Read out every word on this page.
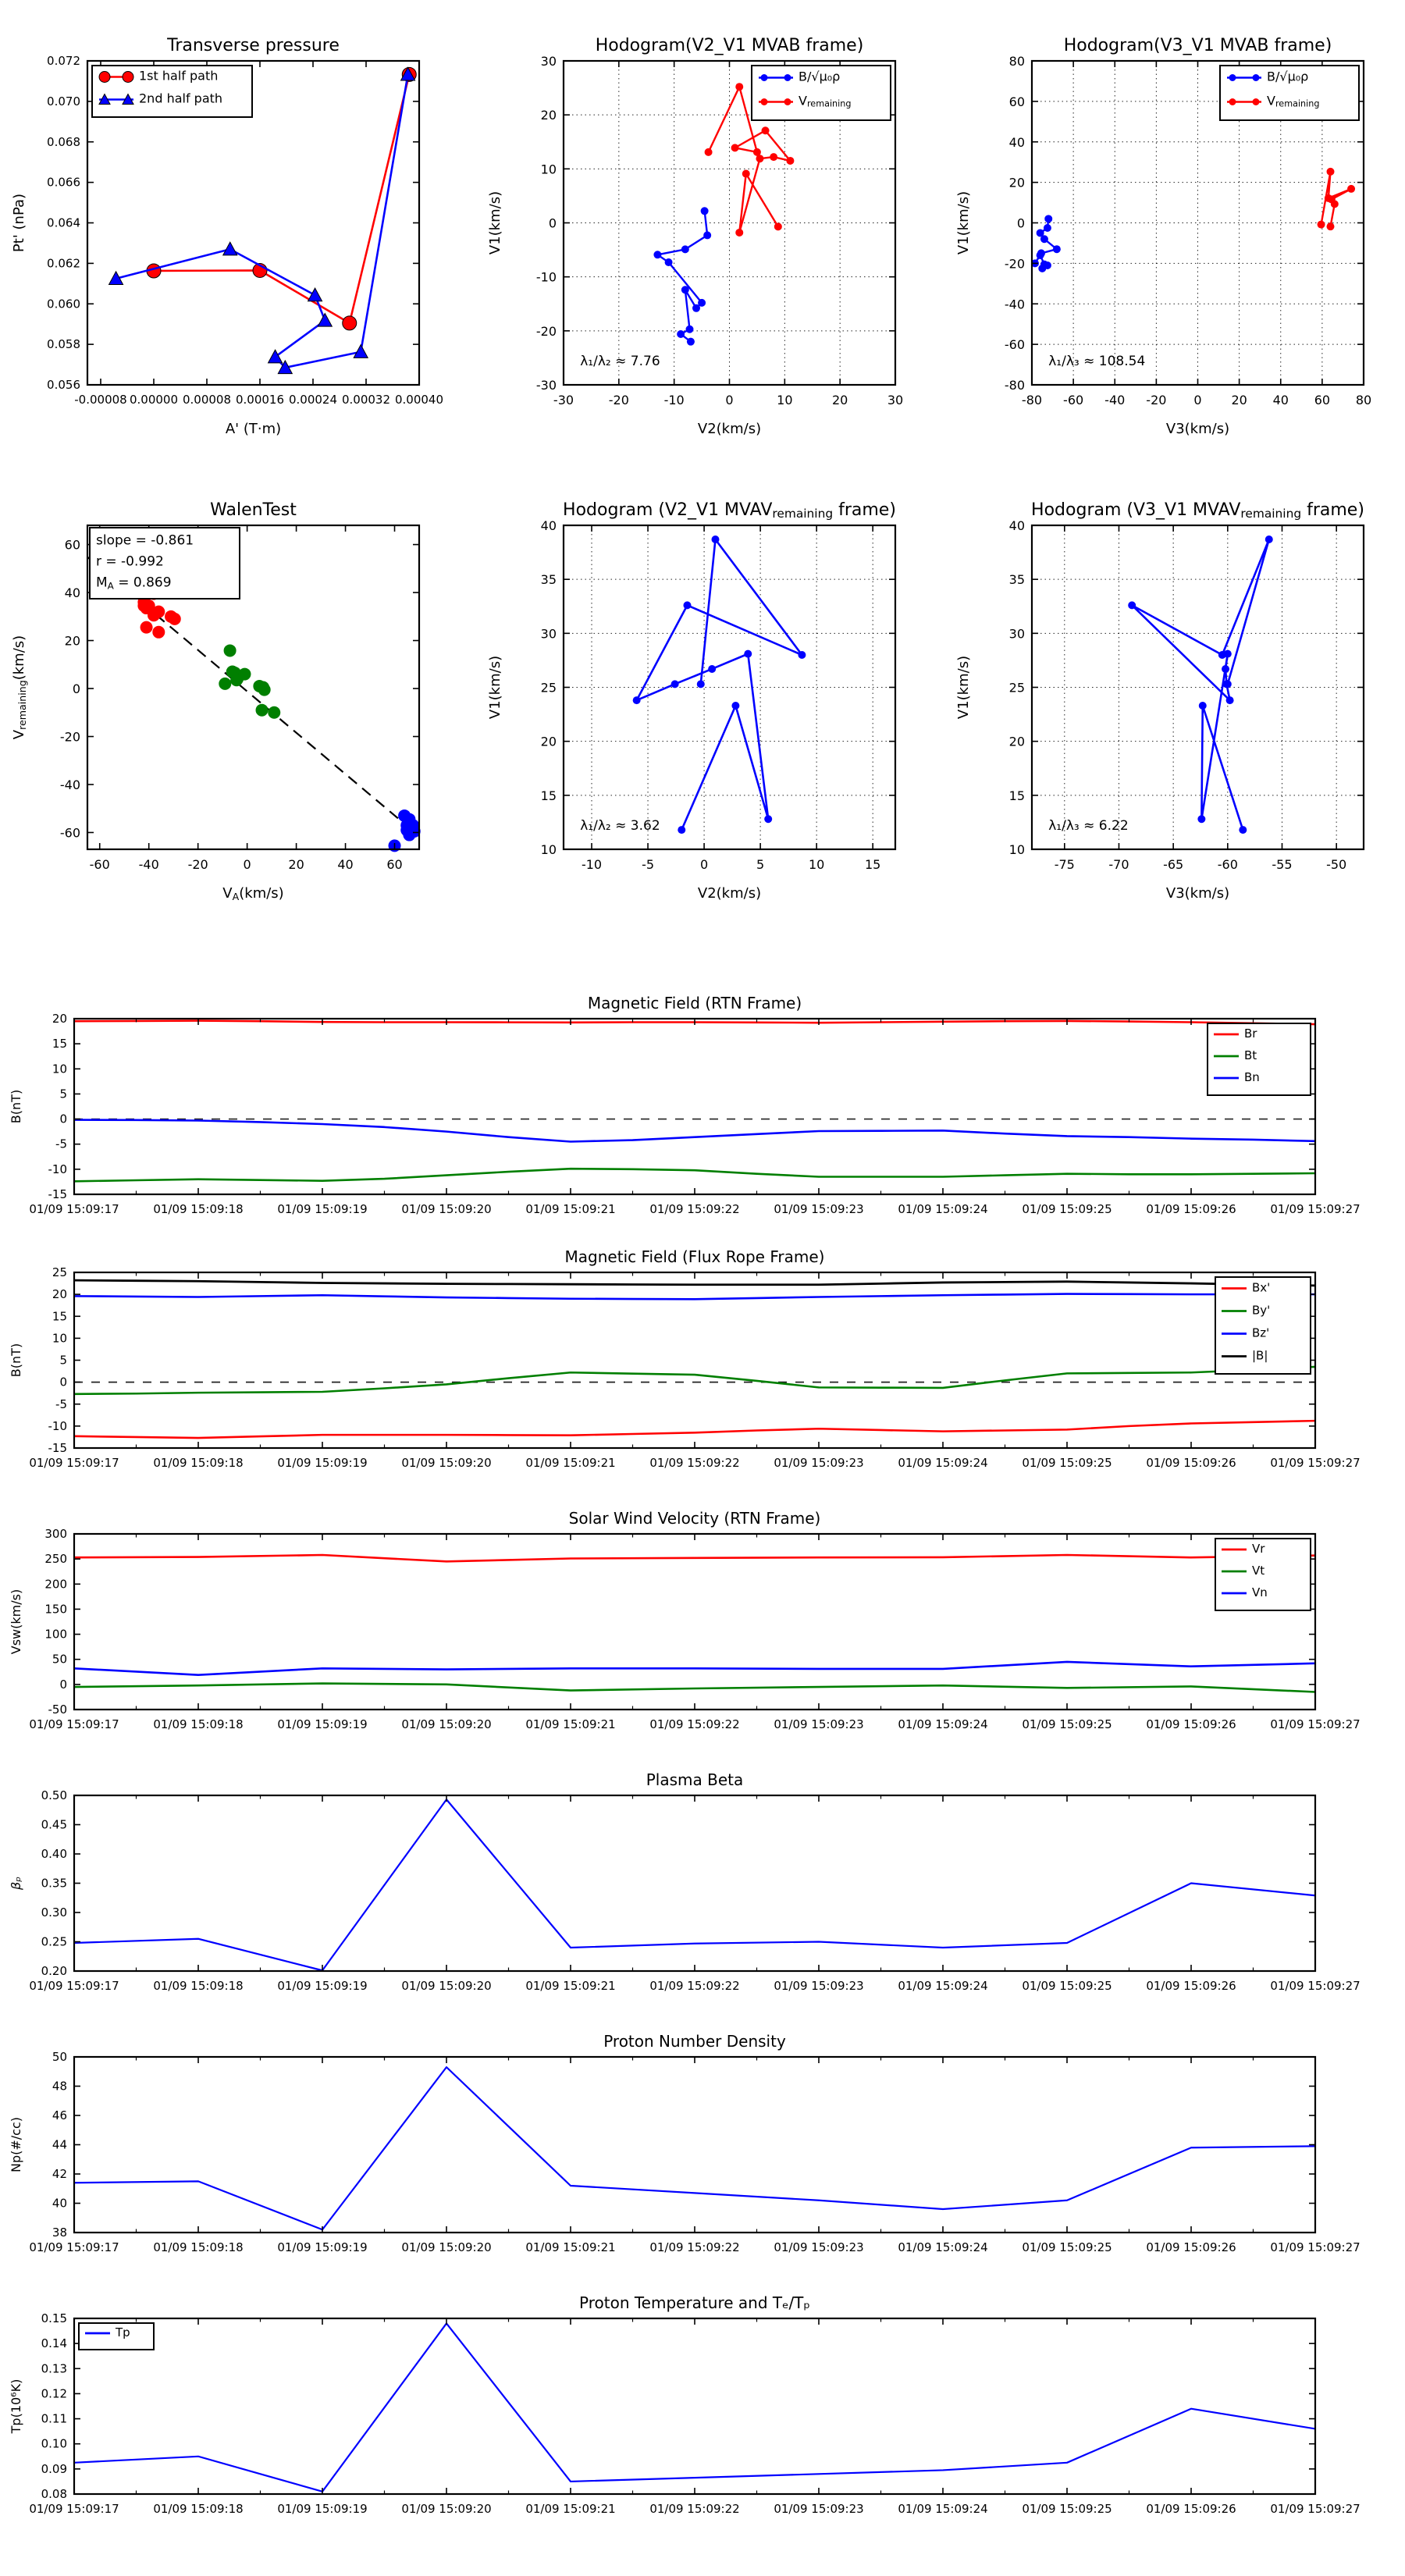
-0.00008 0.00000 0.00008 0.00016 0.00024 0.00032 0.00040
0.056
0.058
0.060
0.062
0.064
0.066
0.068
0.070
0.072
Transverse pressure
A' (T·m)
Pt' (nPa)
1st half path
2nd half path
-30	-20	-10	0	10	20	30
-30
-20
-10
0
10
20
30
Hodogram(V2_V1 MVAB frame)
V2(km/s)
V1(km/s)
B/√μ₀ρ
Vremaining
λ₁/λ₂ ≈ 7.76
-80 -60 -40 -20 0 20 40 60 80
-80
-60
-40
-20
0
20
40
60
80
Hodogram(V3_V1 MVAB frame)
V3(km/s)
V1(km/s)
B/√μ₀ρ
Vremaining
λ₁/λ₃ ≈ 108.54
-60 -40 -20	0	20	40	60
-60
-40
-20
0
20
40
60
WalenTest
VA(km/s)
Vremaining(km/s)
slope = -0.861
r = -0.992
MA = 0.869
-10	-5	0	5	10	15
10
15
20
25
30
35
40
Hodogram (V2_V1 MVAVremaining frame)
V2(km/s)
V1(km/s)
λ₁/λ₂ ≈ 3.62
-75	-70	-65	-60	-55	-50
10
15
20
25
30
35
40
Hodogram (V3_V1 MVAVremaining frame)
V3(km/s)
V1(km/s)
λ₁/λ₃ ≈ 6.22
01/09 15:09:17	01/09 15:09:18	01/09 15:09:19	01/09 15:09:20	01/09 15:09:21	01/09 15:09:22	01/09 15:09:23	01/09 15:09:24	01/09 15:09:25	01/09 15:09:26	01/09 15:09:27
-15
-10
-5
0
5
10
15
20
Magnetic Field (RTN Frame)
B(nT)
Br
Bt
Bn
01/09 15:09:17	01/09 15:09:18	01/09 15:09:19	01/09 15:09:20	01/09 15:09:21	01/09 15:09:22	01/09 15:09:23	01/09 15:09:24	01/09 15:09:25	01/09 15:09:26	01/09 15:09:27
-15
-10
-5
0
5
10
15
20
25
Magnetic Field (Flux Rope Frame)
B(nT)
Bx'
By'
Bz'
|B|
01/09 15:09:17	01/09 15:09:18	01/09 15:09:19	01/09 15:09:20	01/09 15:09:21	01/09 15:09:22	01/09 15:09:23	01/09 15:09:24	01/09 15:09:25	01/09 15:09:26	01/09 15:09:27
-50
0
50
100
150
200
250
300
Solar Wind Velocity (RTN Frame)
Vsw(km/s)
Vr
Vt
Vn
01/09 15:09:17	01/09 15:09:18	01/09 15:09:19	01/09 15:09:20	01/09 15:09:21	01/09 15:09:22	01/09 15:09:23	01/09 15:09:24	01/09 15:09:25	01/09 15:09:26	01/09 15:09:27
0.20
0.25
0.30
0.35
0.40
0.45
0.50
Plasma Beta
βₚ
01/09 15:09:17	01/09 15:09:18	01/09 15:09:19	01/09 15:09:20	01/09 15:09:21	01/09 15:09:22	01/09 15:09:23	01/09 15:09:24	01/09 15:09:25	01/09 15:09:26	01/09 15:09:27
38
40
42
44
46
48
50
Proton Number Density
Np(#/cc)
01/09 15:09:17	01/09 15:09:18	01/09 15:09:19	01/09 15:09:20	01/09 15:09:21	01/09 15:09:22	01/09 15:09:23	01/09 15:09:24	01/09 15:09:25	01/09 15:09:26	01/09 15:09:27
0.08
0.09
0.10
0.11
0.12
0.13
0.14
0.15
Proton Temperature and Tₑ/Tₚ
Tp(10⁶K)
Tp
